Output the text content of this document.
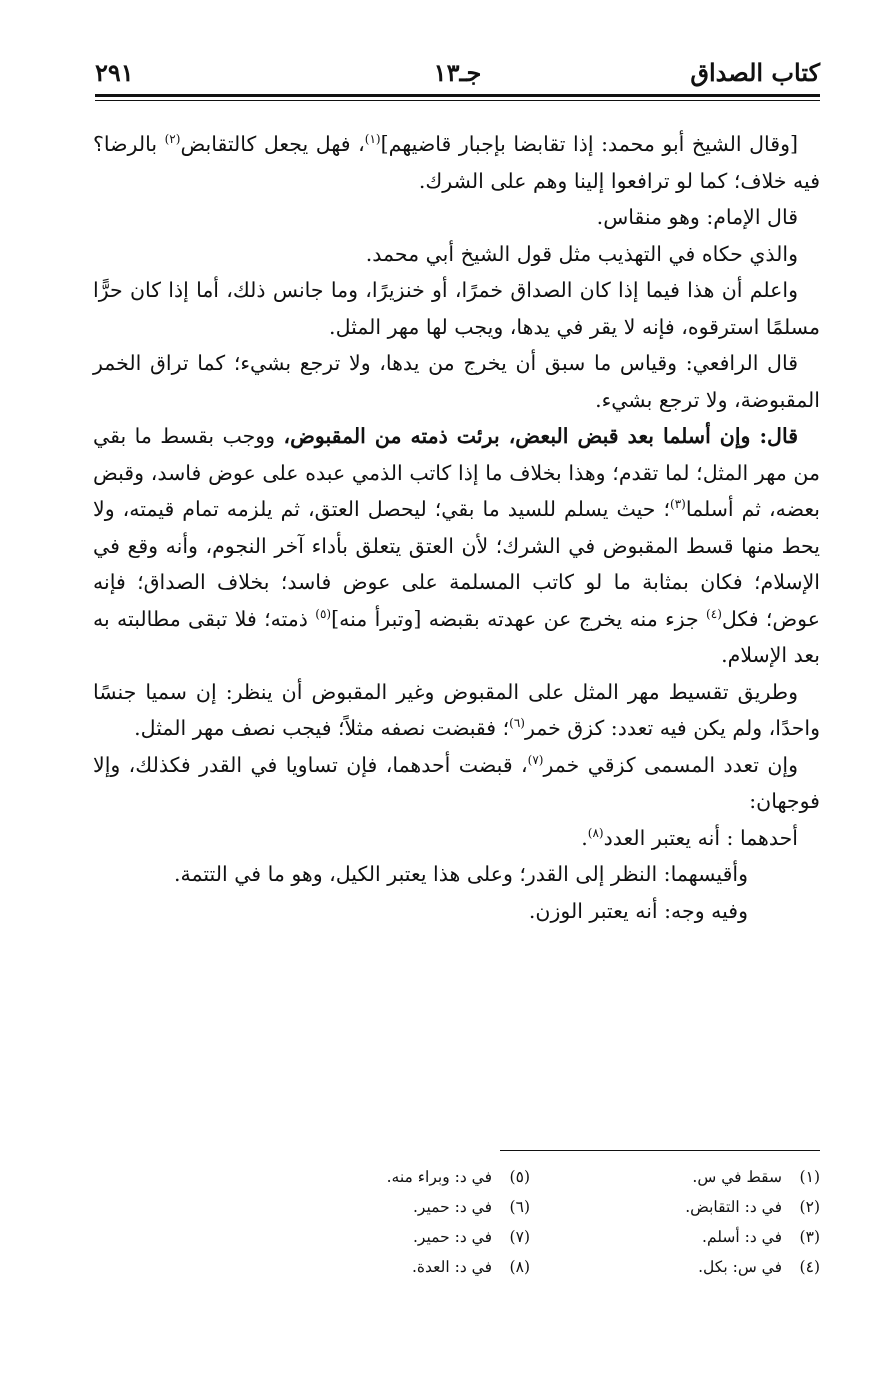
كتاب الصداق
جـ١٣
٢٩١

[وقال الشيخ أبو محمد: إذا تقابضا بإجبار قاضيهم]$^{(١)}$، فهل يجعل كالتقابض$^{(٢)}$ بالرضا؟ فيه خلاف؛ كما لو ترافعوا إلينا وهم على الشرك.

قال الإمام: وهو منقاس.

والذي حكاه في التهذيب مثل قول الشيخ أبي محمد.

واعلم أن هذا فيما إذا كان الصداق خمرًا، أو خنزيرًا، وما جانس ذلك، أما إذا كان حرًّا مسلمًا استرقوه، فإنه لا يقر في يدها، ويجب لها مهر المثل.

قال الرافعي: وقياس ما سبق أن يخرج من يدها، ولا ترجع بشيء؛ كما تراق الخمر المقبوضة، ولا ترجع بشيء.

قال: وإن أسلما بعد قبض البعض، برئت ذمته من المقبوض، ووجب بقسط ما بقي من مهر المثل؛ لما تقدم؛ وهذا بخلاف ما إذا كاتب الذمي عبده على عوض فاسد، وقبض بعضه، ثم أسلما$^{(٣)}$؛ حيث يسلم للسيد ما بقي؛ ليحصل العتق، ثم يلزمه تمام قيمته، ولا يحط منها قسط المقبوض في الشرك؛ لأن العتق يتعلق بأداء آخر النجوم، وأنه وقع في الإسلام؛ فكان بمثابة ما لو كاتب المسلمة على عوض فاسد؛ بخلاف الصداق؛ فإنه عوض؛ فكل$^{(٤)}$ جزء منه يخرج عن عهدته بقبضه [وتبرأ منه]$^{(٥)}$ ذمته؛ فلا تبقى مطالبته به بعد الإسلام.

وطريق تقسيط مهر المثل على المقبوض وغير المقبوض أن ينظر: إن سميا جنسًا واحدًا، ولم يكن فيه تعدد: كزق خمر$^{(٦)}$؛ فقبضت نصفه مثلاً؛ فيجب نصف مهر المثل.

وإن تعدد المسمى كزقي خمر$^{(٧)}$، قبضت أحدهما، فإن تساويا في القدر فكذلك، وإلا فوجهان:

أحدهما : أنه يعتبر العدد$^{(٨)}$.

وأقيسهما: النظر إلى القدر؛ وعلى هذا يعتبر الكيل، وهو ما في التتمة.

وفيه وجه: أنه يعتبر الوزن.

(١)سقط في س.
(٢)في د: التقابض.
(٣)في د: أسلم.
(٤)في س: بكل.
(٥)في د: وبراء منه.
(٦)في د: حمير.
(٧)في د: حمير.
(٨)في د: العدة.
